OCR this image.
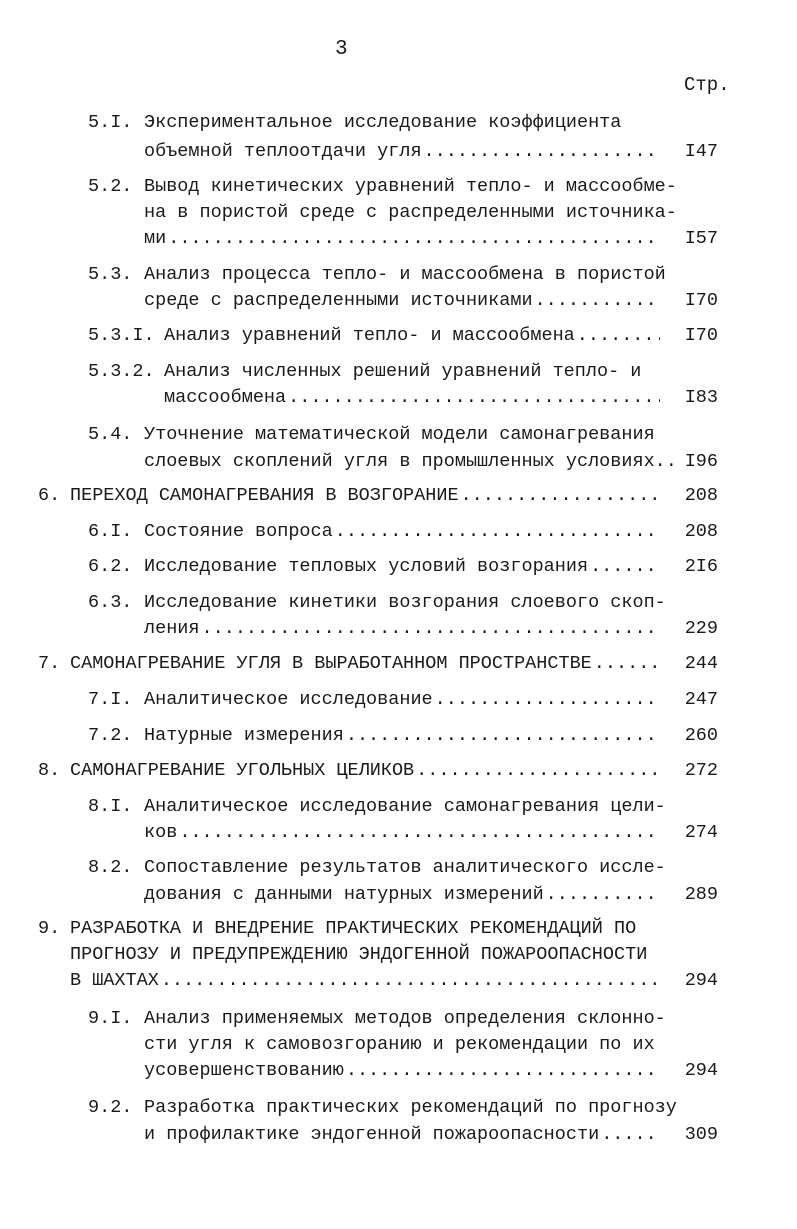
3
Стр.
5.I. Экспериментальное исследование коэффициента
объемной теплоотдачи угля .....	I47
5.2. Вывод кинетических уравнений тепло- и массообме-
на в пористой среде с распределенными источника-
ми .....	I57
5.3. Анализ процесса тепло- и массообмена в пористой
среде с распределенными источниками .....	I70
5.3.I. Анализ уравнений тепло- и массообмена .....	I70
5.3.2. Анализ численных решений уравнений тепло- и
массообмена .....	I83
5.4. Уточнение математической модели самонагревания
слоевых скоплений угля в промышленных условиях.. I96
6. ПЕРЕХОД САМОНАГРЕВАНИЯ В ВОЗГОРАНИЕ .....	208
6.I. Состояние вопроса .....	208
6.2. Исследование тепловых условий возгорания .....	2I6
6.3. Исследование кинетики возгорания слоевого скоп-
ления .....	229
7. САМОНАГРЕВАНИЕ УГЛЯ В ВЫРАБОТАННОМ ПРОСТРАНСТВЕ .....	244
7.I. Аналитическое исследование .....	247
7.2. Натурные измерения .....	260
8. САМОНАГРЕВАНИЕ УГОЛЬНЫХ ЦЕЛИКОВ .....	272
8.I. Аналитическое исследование самонагревания цели-
ков .....	274
8.2. Сопоставление результатов аналитического иссле-
дования с данными натурных измерений .....	289
9. РАЗРАБОТКА И ВНЕДРЕНИЕ ПРАКТИЧЕСКИХ РЕКОМЕНДАЦИЙ ПО
ПРОГНОЗУ И ПРЕДУПРЕЖДЕНИЮ ЭНДОГЕННОЙ ПОЖАРООПАСНОСТИ
В ШАХТАХ .....	294
9.I. Анализ применяемых методов определения склонно-
сти угля к самовозгоранию и рекомендации по их
усовершенствованию .....	294
9.2. Разработка практических рекомендаций по прогнозу
и профилактике эндогенной пожароопасности .....	309
